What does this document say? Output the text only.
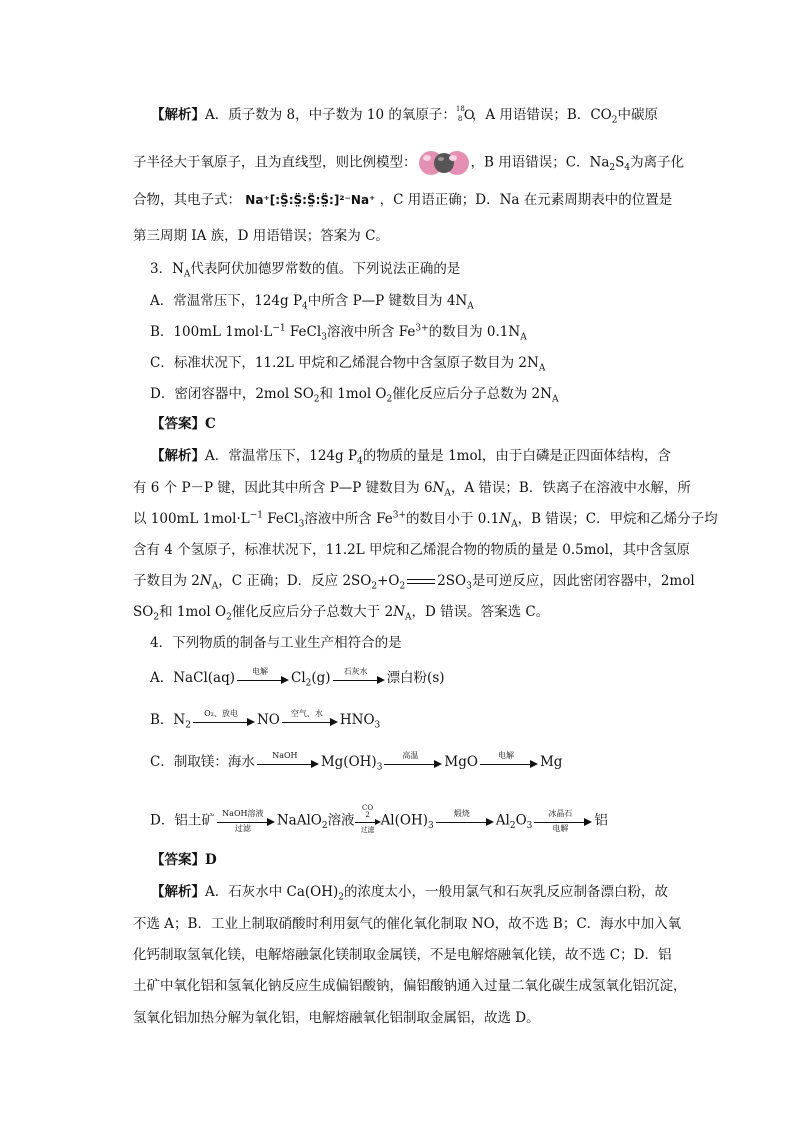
【解析】A．质子数为 8，中子数为 10 的氧原子： 18
8 O
，A 用语错误；B．$CO_2$中碳原
子半径大于氧原子，且为直线型，则比例模型：	，B 用语错误；C．$Na_2S_4$为离子化
合物，其电子式： Na⁺[:S̤̈:S̤̈:S̤̈:S̤̈:]²⁻Na⁺ ，C 用语正确；D．Na 在元素周期表中的位置是
第三周期 IA 族，D 用语错误；答案为 C。
3．$N_A$代表阿伏加德罗常数的值。下列说法正确的是
A．常温常压下，124g $P_4$中所含 P—P 键数目为 $4N_A$
B．100mL $1mol\cdot L^{-1}$ FeCl$_3$溶液中所含 $Fe^{3+}$的数目为 $0.1N_A$
C．标准状况下，11.2L 甲烷和乙烯混合物中含氢原子数目为 $2N_A$
D．密闭容器中，2mol $SO_2$和 1mol $O_2$催化反应后分子总数为 $2N_A$
【答案】C
【解析】A．常温常压下，124g $P_4$的物质的量是 1mol，由于白磷是正四面体结构，含
有 6 个 P－P 键，因此其中所含 P—P 键数目为 $6N_A$，A 错误；B．铁离子在溶液中水解，所
以 100mL $1mol\cdot L^{-1}$ FeCl$_3$溶液中所含 $Fe^{3+}$的数目小于 $0.1N_A$，B 错误；C．甲烷和乙烯分子均
含有 4 个氢原子，标准状况下，11.2L 甲烷和乙烯混合物的物质的量是 0.5mol，其中含氢原
子数目为 $2N_A$，C 正确；D．反应 $2SO_2+O_2$ $2SO_3$是可逆反应，因此密闭容器中，2mol
$SO_2$和 1mol $O_2$催化反应后分子总数大于 $2N_A$，D 错误。答案选 C。
4．下列物质的制备与工业生产相符合的是
A．NaCl(aq)	电解	$Cl_2(g)$	石灰水	漂白粉(s)
B．$N_2$
O₂、放电	NO	空气、水	$HNO_3$
C．制取镁：海水	NaOH	$Mg(OH)_3$
高温	MgO	电解	Mg
D．铝土矿 NaOH溶液
过滤	NaAlO$_2$溶液
CO
2
过滤
$Al(OH)_3$
煅烧	$Al_2O_3$
冰晶石
电解	铝
【答案】D
【解析】A．石灰水中 $Ca(OH)_2$的浓度太小，一般用氯气和石灰乳反应制备漂白粉，故
不选 A；B．工业上制取硝酸时利用氨气的催化氧化制取 NO，故不选 B；C．海水中加入氧
化钙制取氢氧化镁，电解熔融氯化镁制取金属镁，不是电解熔融氧化镁，故不选 C；D．铝
土矿中氧化铝和氢氧化钠反应生成偏铝酸钠，偏铝酸钠通入过量二氧化碳生成氢氧化铝沉淀，
氢氧化铝加热分解为氧化铝，电解熔融氧化铝制取金属铝，故选 D。
